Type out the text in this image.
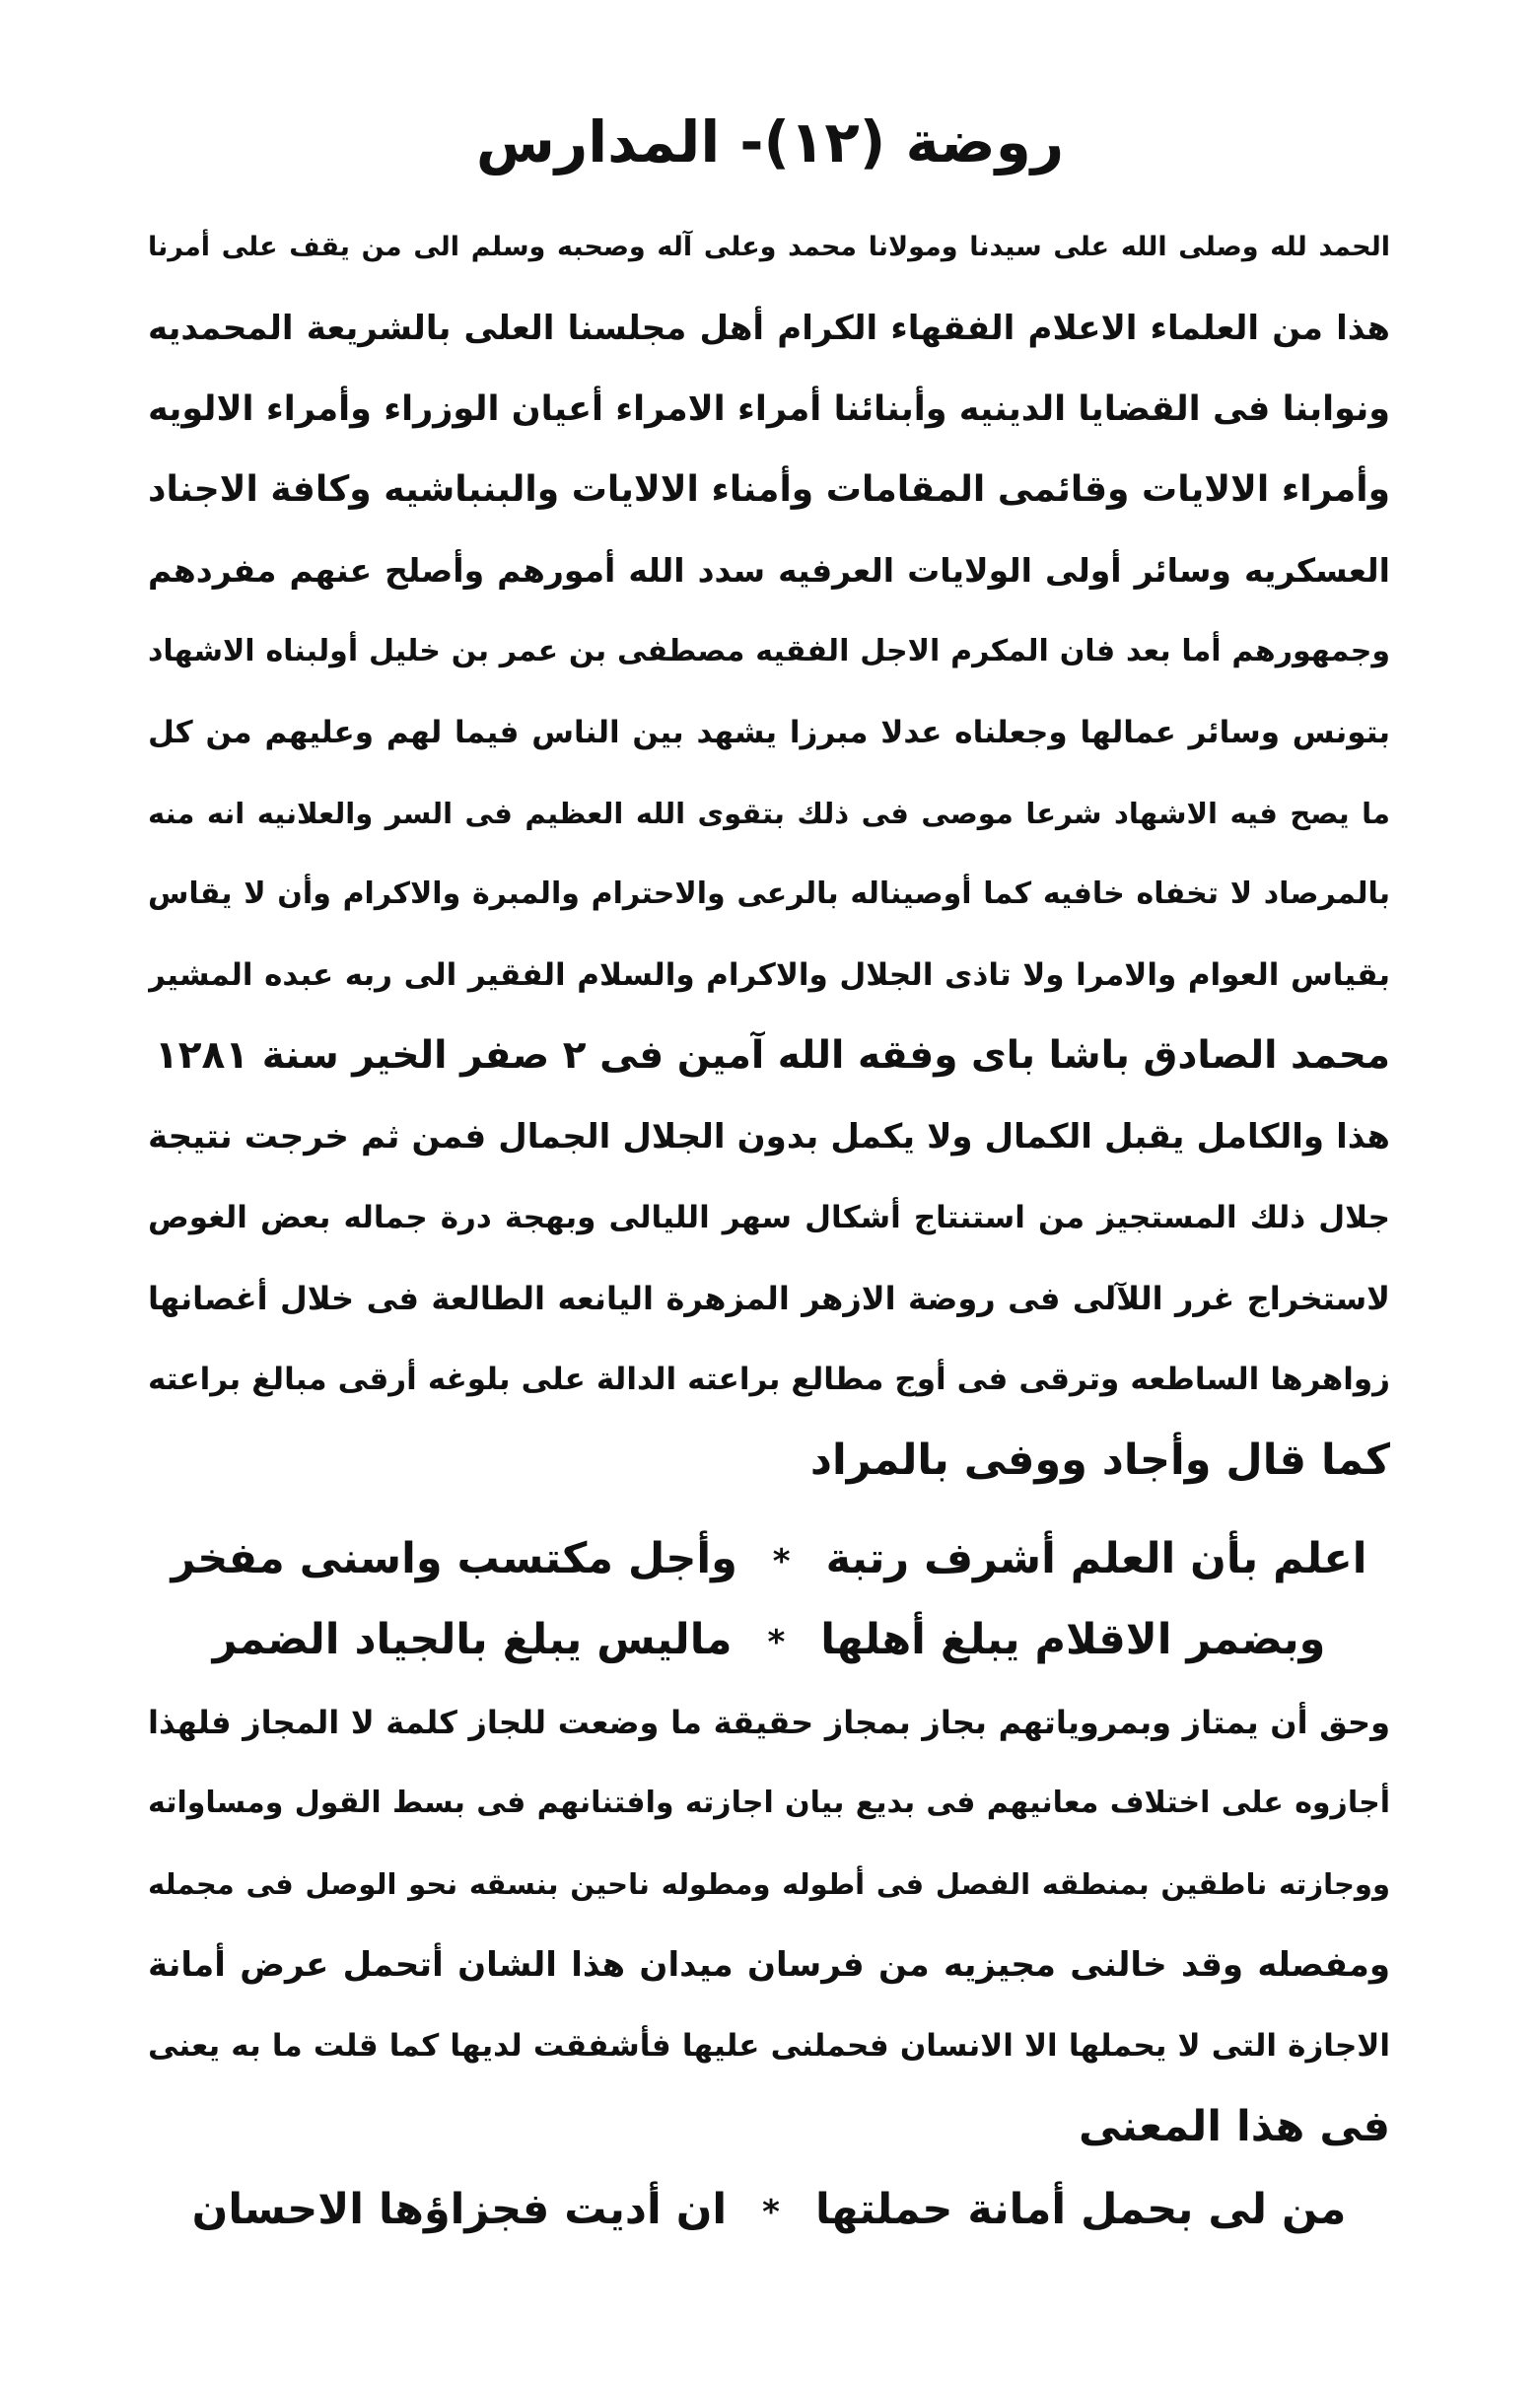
روضة (١٢)- المدارس
الحمد لله وصلى الله على سيدنا ومولانا محمد وعلى آله وصحبه وسلم الى من يقف على أمرنا
هذا من العلماء الاعلام الفقهاء الكرام أهل مجلسنا العلى بالشريعة المحمديه
ونوابنا فى القضايا الدينيه وأبنائنا أمراء الامراء أعيان الوزراء وأمراء الالويه
وأمراء الالايات وقائمى المقامات وأمناء الالايات والبنباشيه وكافة الاجناد
العسكريه وسائر أولى الولايات العرفيه سدد الله أمورهم وأصلح عنهم مفردهم
وجمهورهم أما بعد فان المكرم الاجل الفقيه مصطفى بن عمر بن خليل أولبناه الاشهاد
بتونس وسائر عمالها وجعلناه عدلا مبرزا يشهد بين الناس فيما لهم وعليهم من كل
ما يصح فيه الاشهاد شرعا موصى فى ذلك بتقوى الله العظيم فى السر والعلانيه انه منه
بالمرصاد لا تخفاه خافيه كما أوصيناله بالرعى والاحترام والمبرة والاكرام وأن لا يقاس
بقياس العوام والامرا ولا تاذى الجلال والاكرام والسلام الفقير الى ربه عبده المشير
محمد الصادق باشا باى وفقه الله آمين فى ٢ صفر الخير سنة ١٢٨١
هذا والكامل يقبل الكمال ولا يكمل بدون الجلال الجمال فمن ثم خرجت نتيجة
جلال ذلك المستجيز من استنتاج أشكال سهر الليالى وبهجة درة جماله بعض الغوص
لاستخراج غرر اللآلى فى روضة الازهر المزهرة اليانعه الطالعة فى خلال أغصانها
زواهرها الساطعه وترقى فى أوج مطالع براعته الدالة على بلوغه أرقى مبالغ براعته
كما قال وأجاد ووفى بالمراد
اعلم بأن العلم أشرف رتبة*وأجل مكتسب واسنى مفخر
وبضمر الاقلام يبلغ أهلها*ماليس يبلغ بالجياد الضمر
وحق أن يمتاز وبمروياتهم بجاز بمجاز حقيقة ما وضعت للجاز كلمة لا المجاز فلهذا
أجازوه على اختلاف معانيهم فى بديع بيان اجازته وافتنانهم فى بسط القول ومساواته
ووجازته ناطقين بمنطقه الفصل فى أطوله ومطوله ناحين بنسقه نحو الوصل فى مجمله
ومفصله وقد خالنى مجيزيه من فرسان ميدان هذا الشان أتحمل عرض أمانة
الاجازة التى لا يحملها الا الانسان فحملنى عليها فأشفقت لديها كما قلت ما به يعنى
فى هذا المعنى
من لى بحمل أمانة حملتها*ان أديت فجزاؤها الاحسان
